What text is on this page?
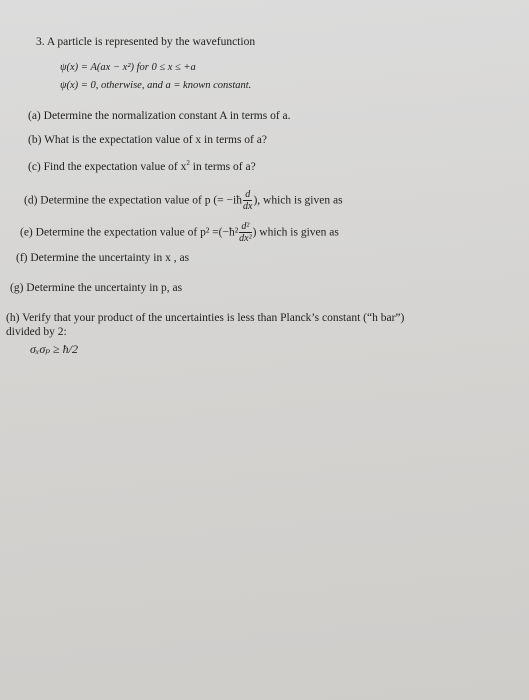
3. A particle is represented by the wavefunction
ψ(x) = A(ax − x²) for 0 ≤ x ≤ +a
ψ(x) = 0, otherwise, and a = known constant.
(a) Determine the normalization constant A in terms of a.
(b) What is the expectation value of x in terms of a?
(c) Find the expectation value of $x^2$ in terms of a?
(d) Determine the expectation value of p (= −iħ $\frac{d}{dx}$ ), which is given as
(e) Determine the expectation value of p² =(−ħ² $\frac{\text{d²}}{\text{dx²}}$ ) which is given as
(f) Determine the uncertainty in x , as
(g) Determine the uncertainty in p, as
(h) Verify that your product of the uncertainties is less than Planck’s constant (“h bar”)
divided by 2:
σₓσₚ ≥ ħ/2
